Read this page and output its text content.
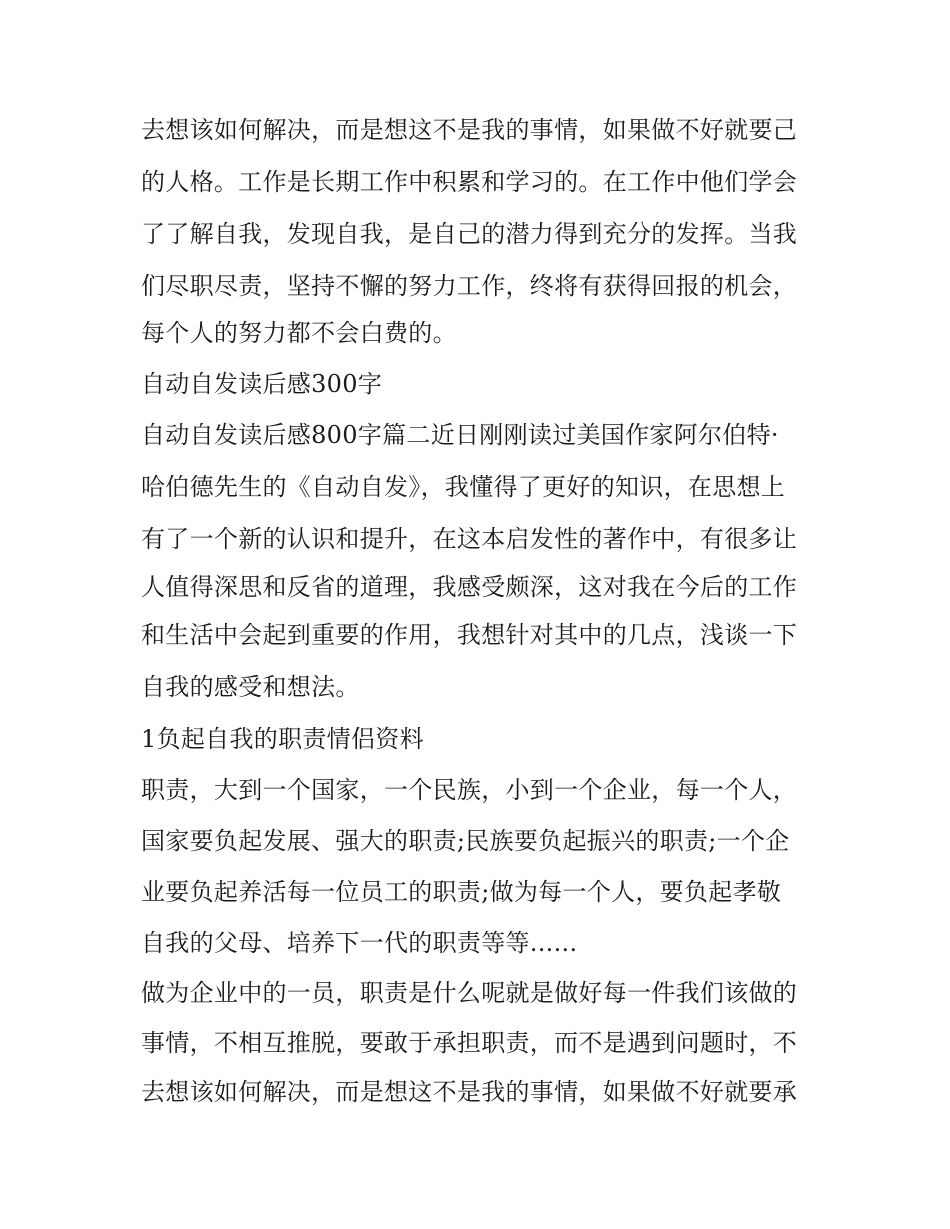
去想该如何解决，而是想这不是我的事情，如果做不好就要己
的人格。工作是长期工作中积累和学习的。在工作中他们学会
了了解自我，发现自我，是自己的潜力得到充分的发挥。当我
们尽职尽责，坚持不懈的努力工作，终将有获得回报的机会，
每个人的努力都不会白费的。
自动自发读后感300字
自动自发读后感800字篇二近日刚刚读过美国作家阿尔伯特·
哈伯德先生的《自动自发》，我懂得了更好的知识，在思想上
有了一个新的认识和提升，在这本启发性的著作中，有很多让
人值得深思和反省的道理，我感受颇深，这对我在今后的工作
和生活中会起到重要的作用，我想针对其中的几点，浅谈一下
自我的感受和想法。
1负起自我的职责情侣资料
职责，大到一个国家，一个民族，小到一个企业，每一个人，
国家要负起发展、强大的职责;民族要负起振兴的职责;一个企
业要负起养活每一位员工的职责;做为每一个人，要负起孝敬
自我的父母、培养下一代的职责等等......
做为企业中的一员，职责是什么呢就是做好每一件我们该做的
事情，不相互推脱，要敢于承担职责，而不是遇到问题时，不
去想该如何解决，而是想这不是我的事情，如果做不好就要承
